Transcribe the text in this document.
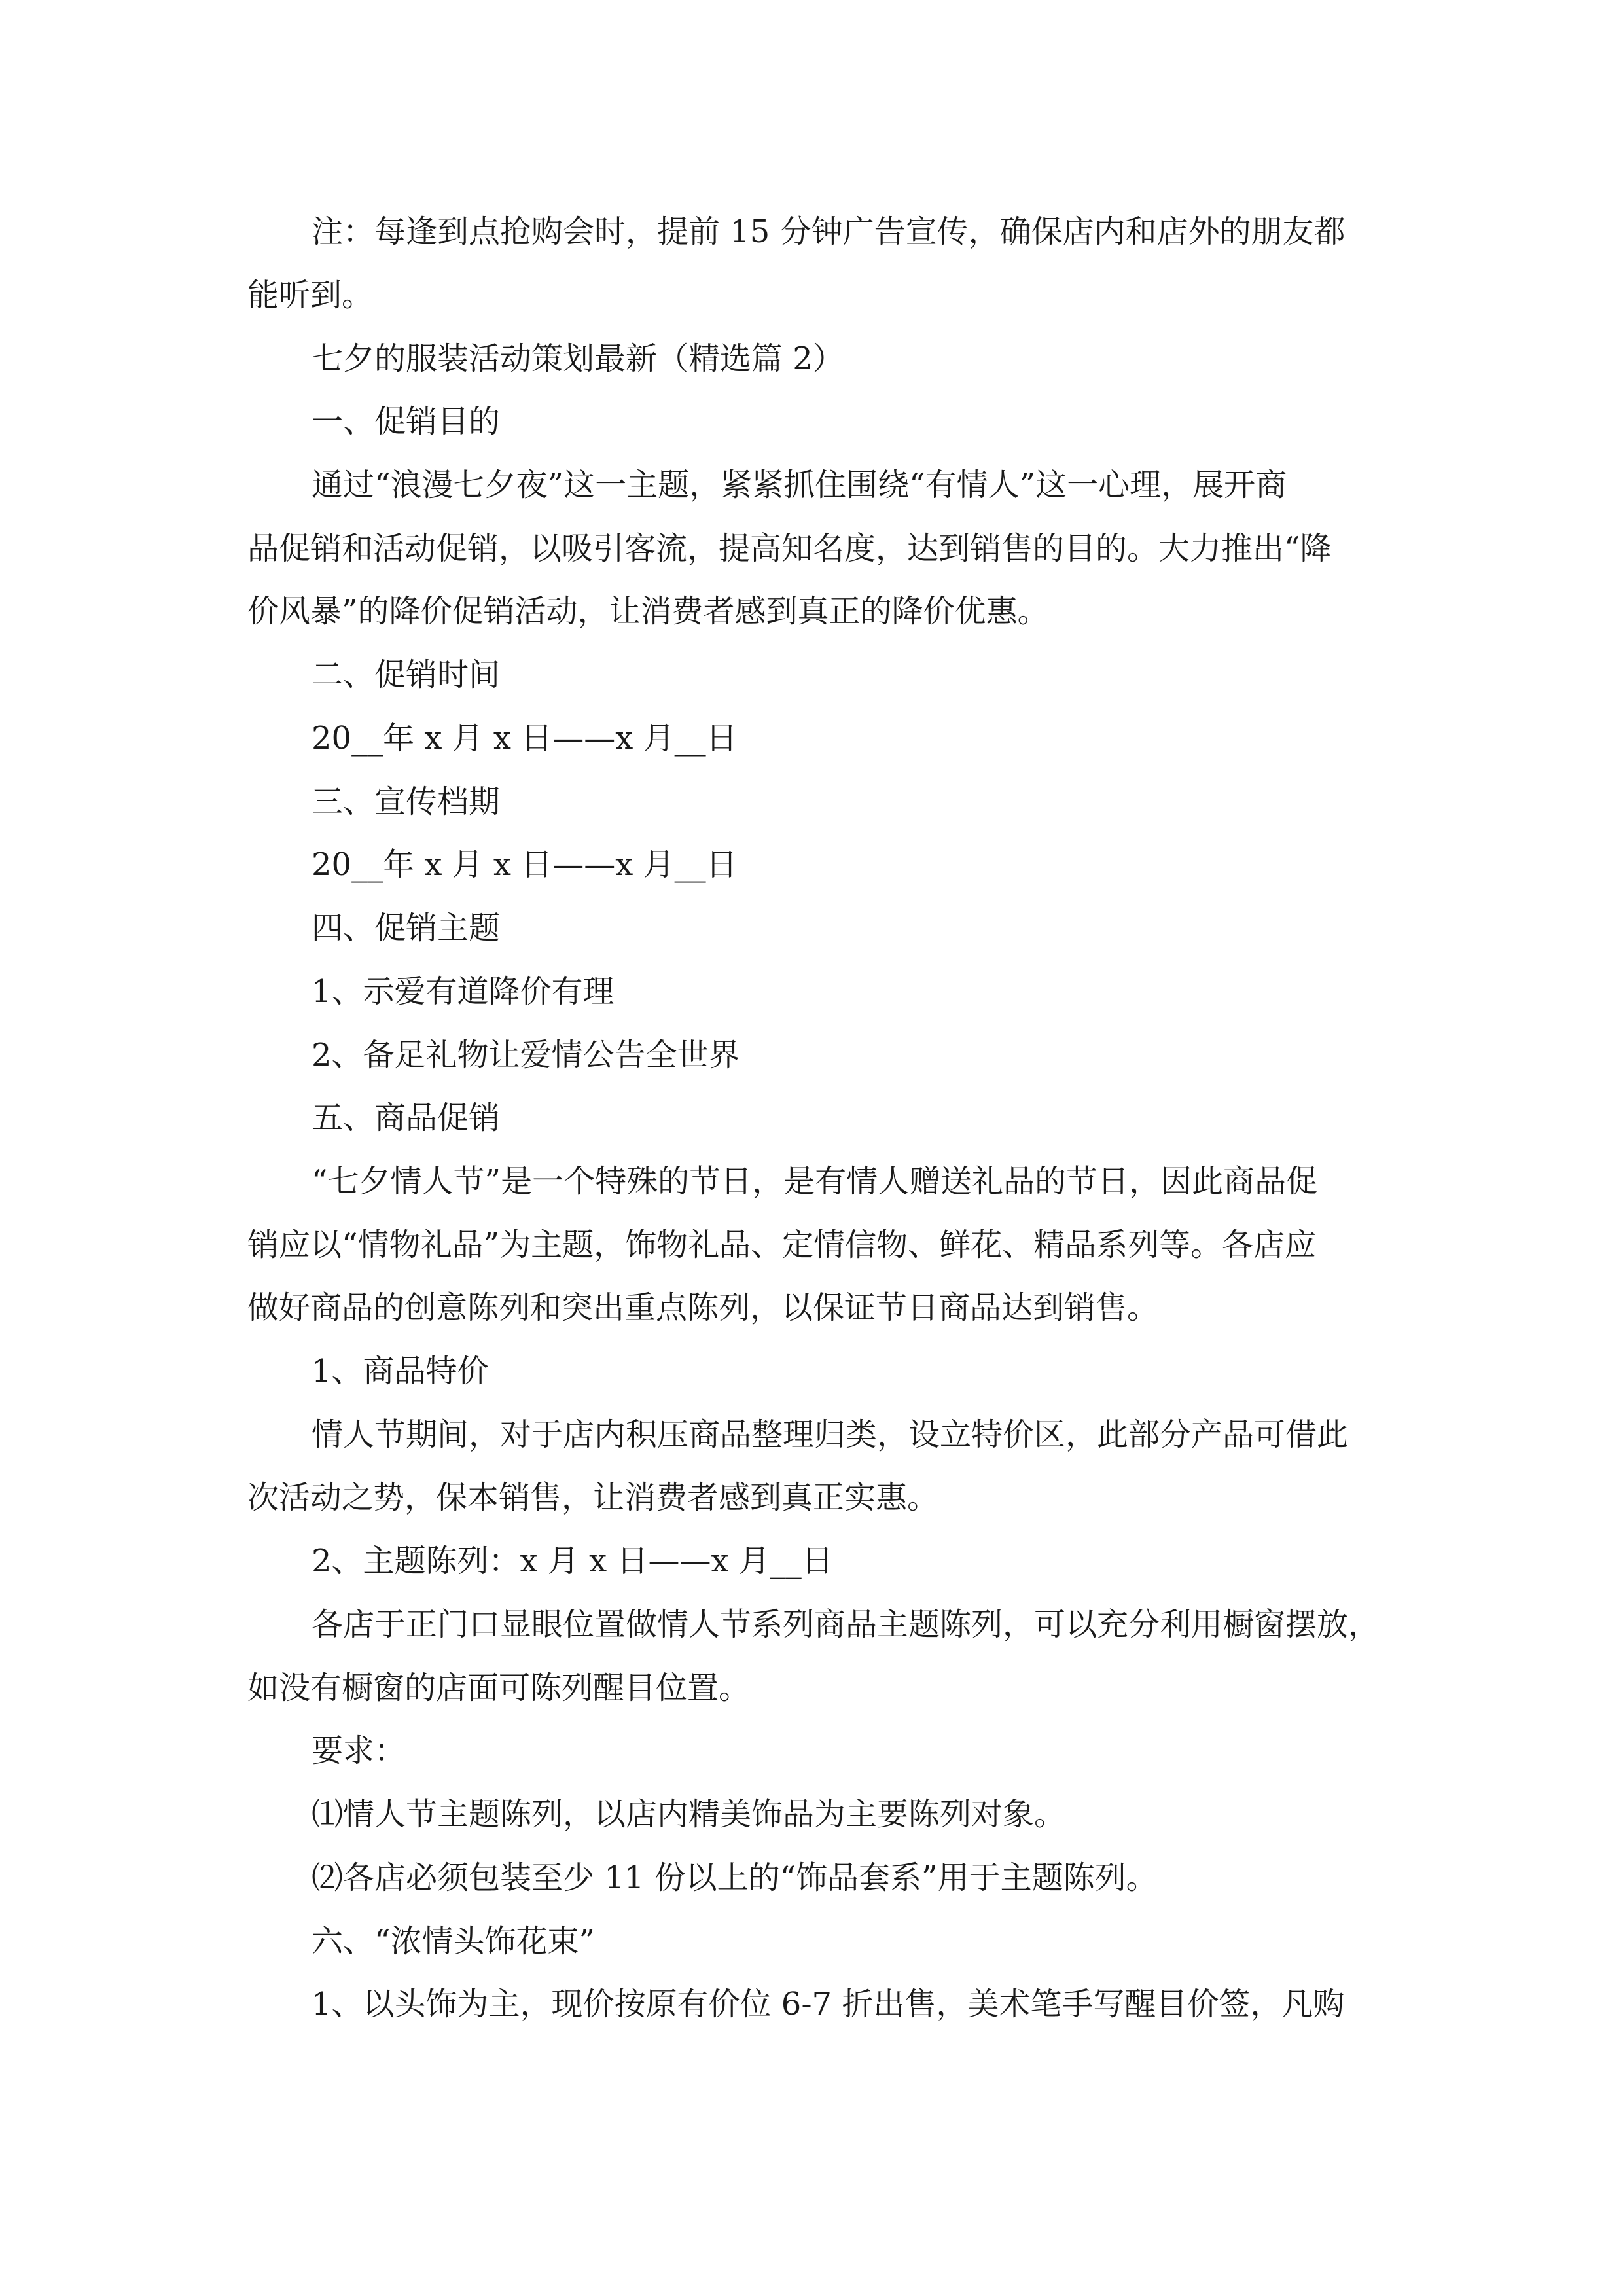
注：每逢到点抢购会时，提前 15 分钟广告宣传，确保店内和店外的朋友都
能听到。
七夕的服装活动策划最新（精选篇 2）
一、促销目的
通过“浪漫七夕夜”这一主题，紧紧抓住围绕“有情人”这一心理，展开商
品促销和活动促销，以吸引客流，提高知名度，达到销售的目的。大力推出“降
价风暴”的降价促销活动，让消费者感到真正的降价优惠。
二、促销时间
20__年 x 月 x 日——x 月__日
三、宣传档期
20__年 x 月 x 日——x 月__日
四、促销主题
1、示爱有道降价有理
2、备足礼物让爱情公告全世界
五、商品促销
“七夕情人节”是一个特殊的节日，是有情人赠送礼品的节日，因此商品促
销应以“情物礼品”为主题，饰物礼品、定情信物、鲜花、精品系列等。各店应
做好商品的创意陈列和突出重点陈列，以保证节日商品达到销售。
1、商品特价
情人节期间，对于店内积压商品整理归类，设立特价区，此部分产品可借此
次活动之势，保本销售，让消费者感到真正实惠。
2、主题陈列：x 月 x 日——x 月__日
各店于正门口显眼位置做情人节系列商品主题陈列，可以充分利用橱窗摆放，
如没有橱窗的店面可陈列醒目位置。
要求：
⑴情人节主题陈列，以店内精美饰品为主要陈列对象。
⑵各店必须包装至少 11 份以上的“饰品套系”用于主题陈列。
六、“浓情头饰花束”
1、以头饰为主，现价按原有价位 6-7 折出售，美术笔手写醒目价签，凡购
